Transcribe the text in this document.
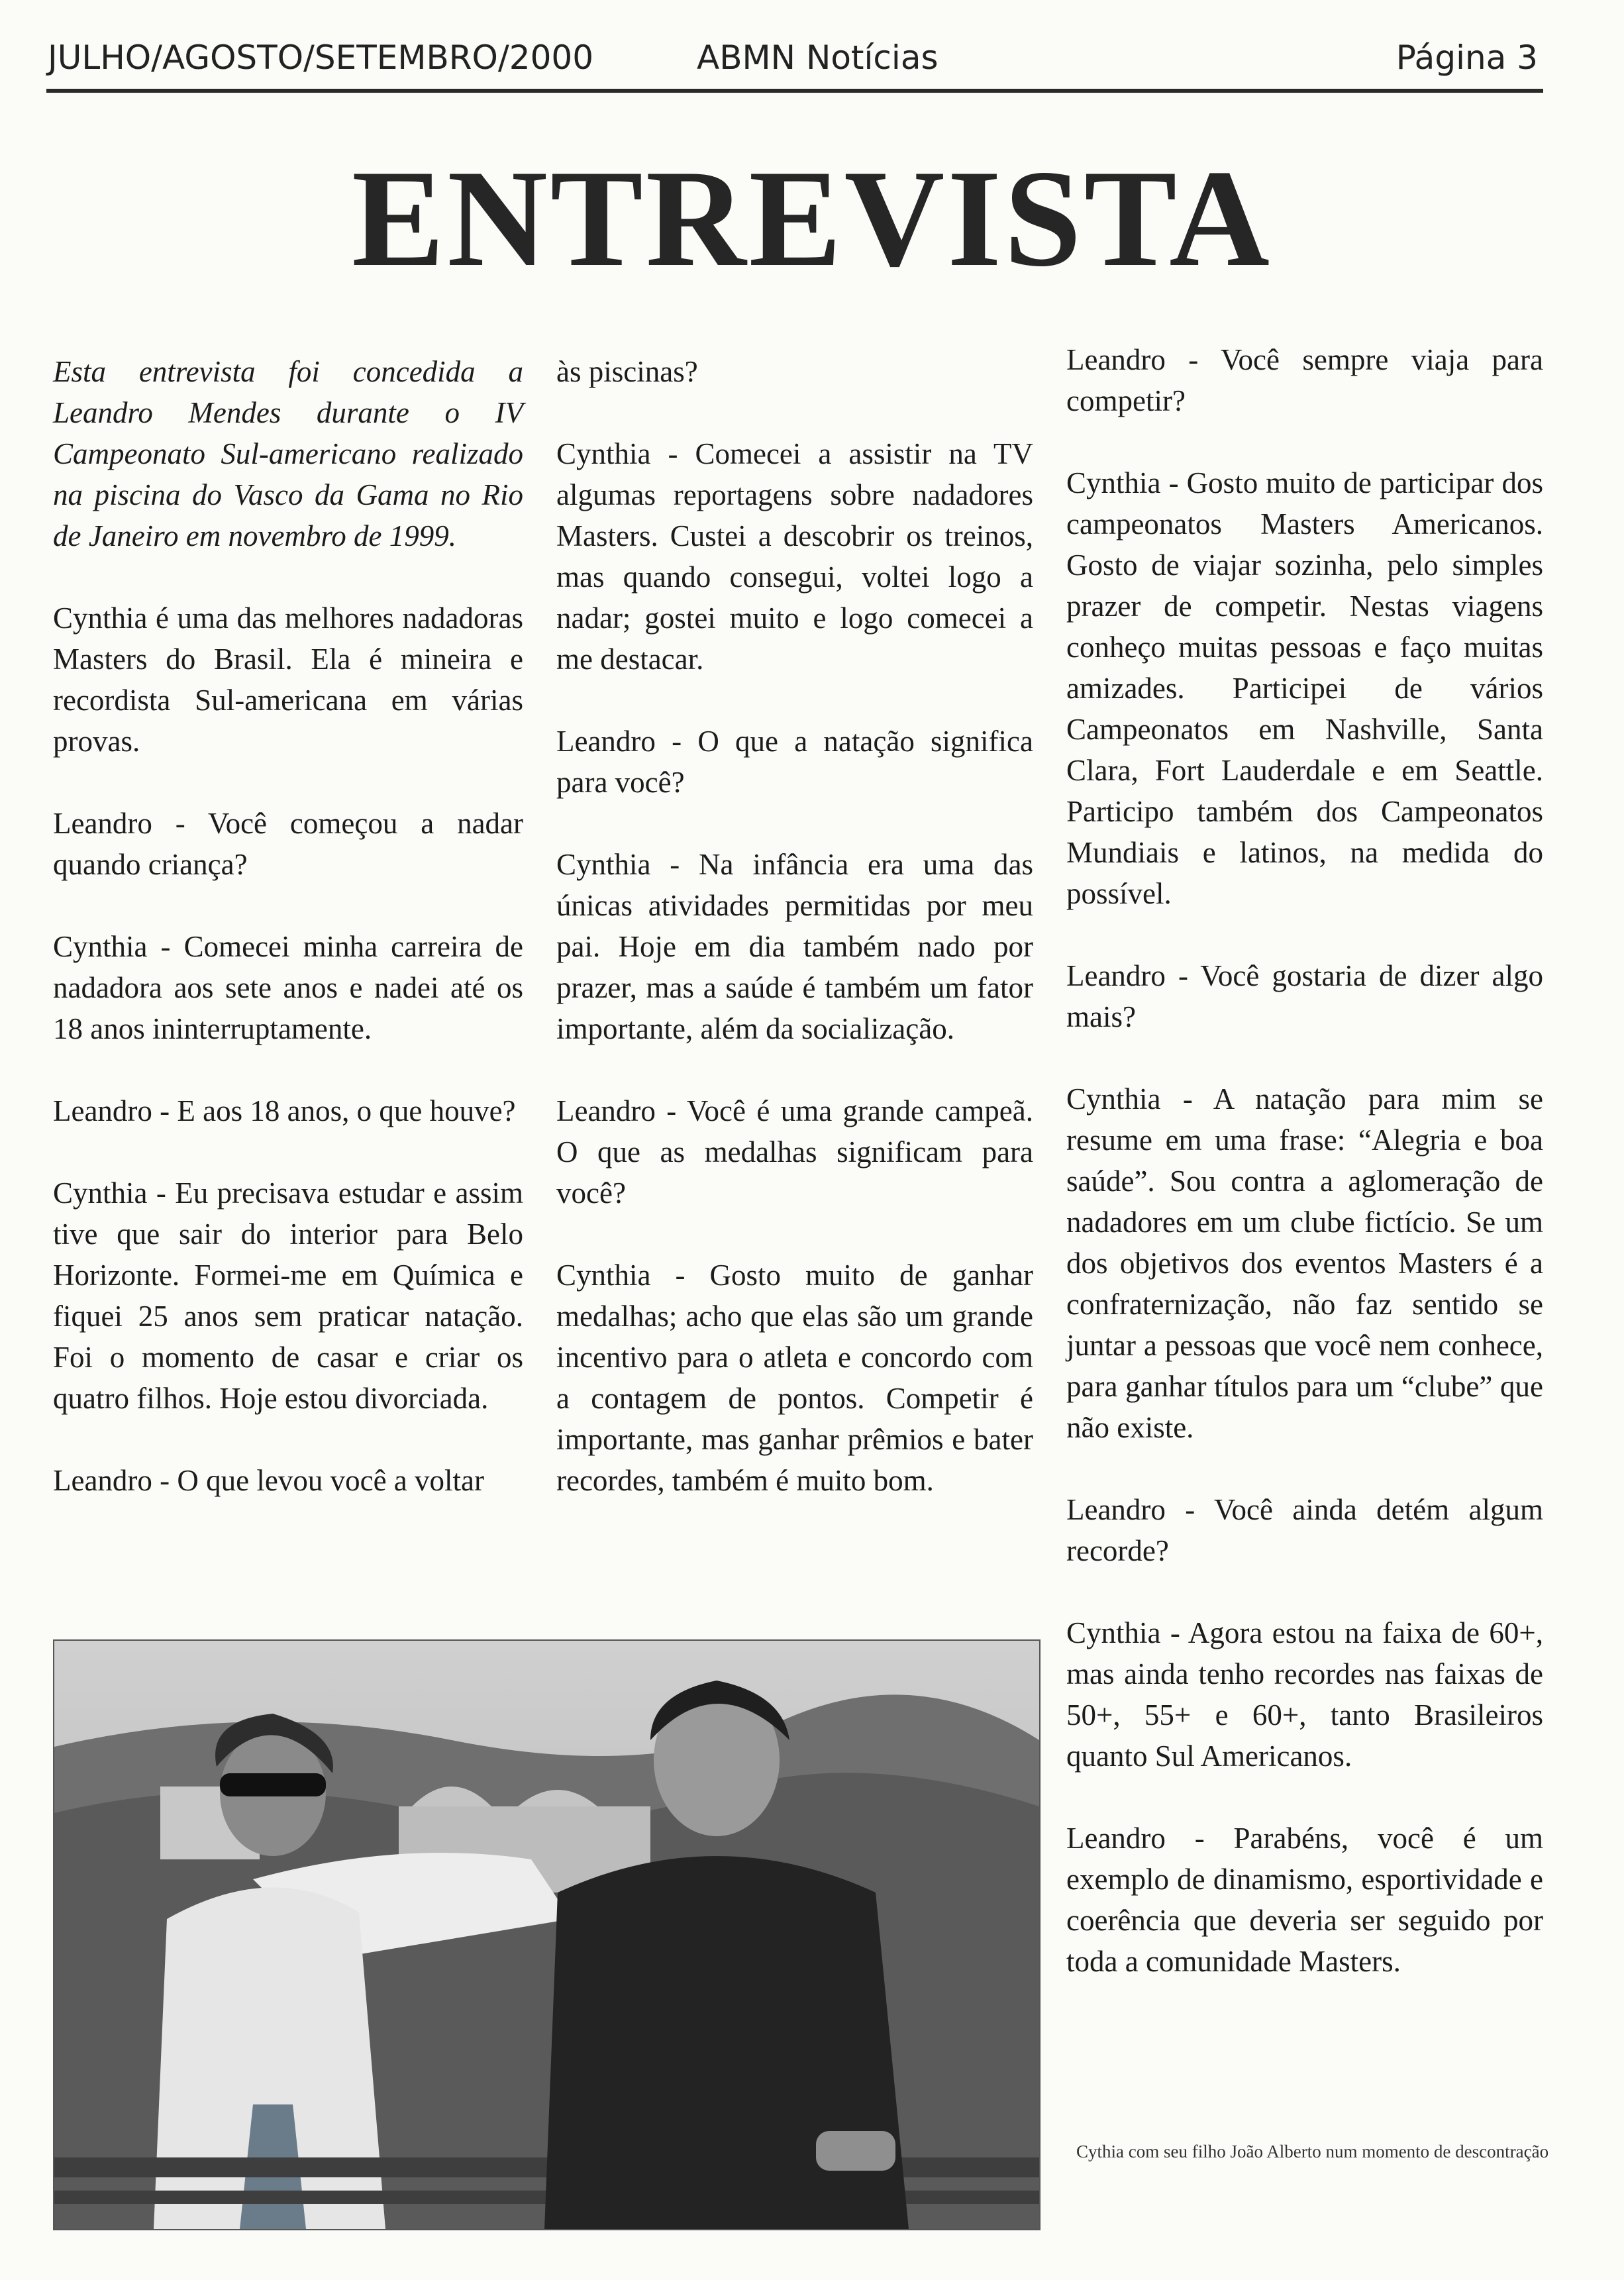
JULHO/AGOSTO/SETEMBRO/2000	ABMN Notícias	Página 3
ENTREVISTA

Esta entrevista foi concedida a Leandro Mendes durante o IV Campeonato Sul-americano realizado na piscina do Vasco da Gama no Rio de Janeiro em novembro de 1999.

Cynthia é uma das melhores nadadoras Masters do Brasil. Ela é mineira e recordista Sul-americana em várias provas.

Leandro - Você começou a nadar quando criança?

Cynthia - Comecei minha carreira de nadadora aos sete anos e nadei até os 18 anos ininterruptamente.

Leandro - E aos 18 anos, o que houve?

Cynthia - Eu precisava estudar e assim tive que sair do interior para Belo Horizonte. Formei-me em Química e fiquei 25 anos sem praticar natação. Foi o momento de casar e criar os quatro filhos. Hoje estou divorciada.

Leandro - O que levou você a voltar

às piscinas?

Cynthia - Comecei a assistir na TV algumas reportagens sobre nadadores Masters. Custei a descobrir os treinos, mas quando consegui, voltei logo a nadar; gostei muito e logo comecei a me destacar.

Leandro - O que a natação significa para você?

Cynthia - Na infância era uma das únicas atividades permitidas por meu pai. Hoje em dia também nado por prazer, mas a saúde é também um fator importante, além da socialização.

Leandro - Você é uma grande campeã. O que as medalhas significam para você?

Cynthia - Gosto muito de ganhar medalhas; acho que elas são um grande incentivo para o atleta e concordo com a contagem de pontos. Competir é importante, mas ganhar prêmios e bater recordes, também é muito bom.

Leandro - Você sempre viaja para competir?

Cynthia - Gosto muito de participar dos campeonatos Masters Americanos. Gosto de viajar sozinha, pelo simples prazer de competir. Nestas viagens conheço muitas pessoas e faço muitas amizades. Participei de vários Campeonatos em Nashville, Santa Clara, Fort Lauderdale e em Seattle. Participo também dos Campeonatos Mundiais e latinos, na medida do possível.

Leandro - Você gostaria de dizer algo mais?

Cynthia - A natação para mim se resume em uma frase: “Alegria e boa saúde”. Sou contra a aglomeração de nadadores em um clube fictício. Se um dos objetivos dos eventos Masters é a confraternização, não faz sentido se juntar a pessoas que você nem conhece, para ganhar títulos para um “clube” que não existe.

Leandro - Você ainda detém algum recorde?

Cynthia - Agora estou na faixa de 60+, mas ainda tenho recordes nas faixas de 50+, 55+ e 60+, tanto Brasileiros quanto Sul Americanos.

Leandro - Parabéns, você é um exemplo de dinamismo, esportividade e coerência que deveria ser seguido por toda a comunidade Masters.

Cythia com seu filho João Alberto num momento de descontração
